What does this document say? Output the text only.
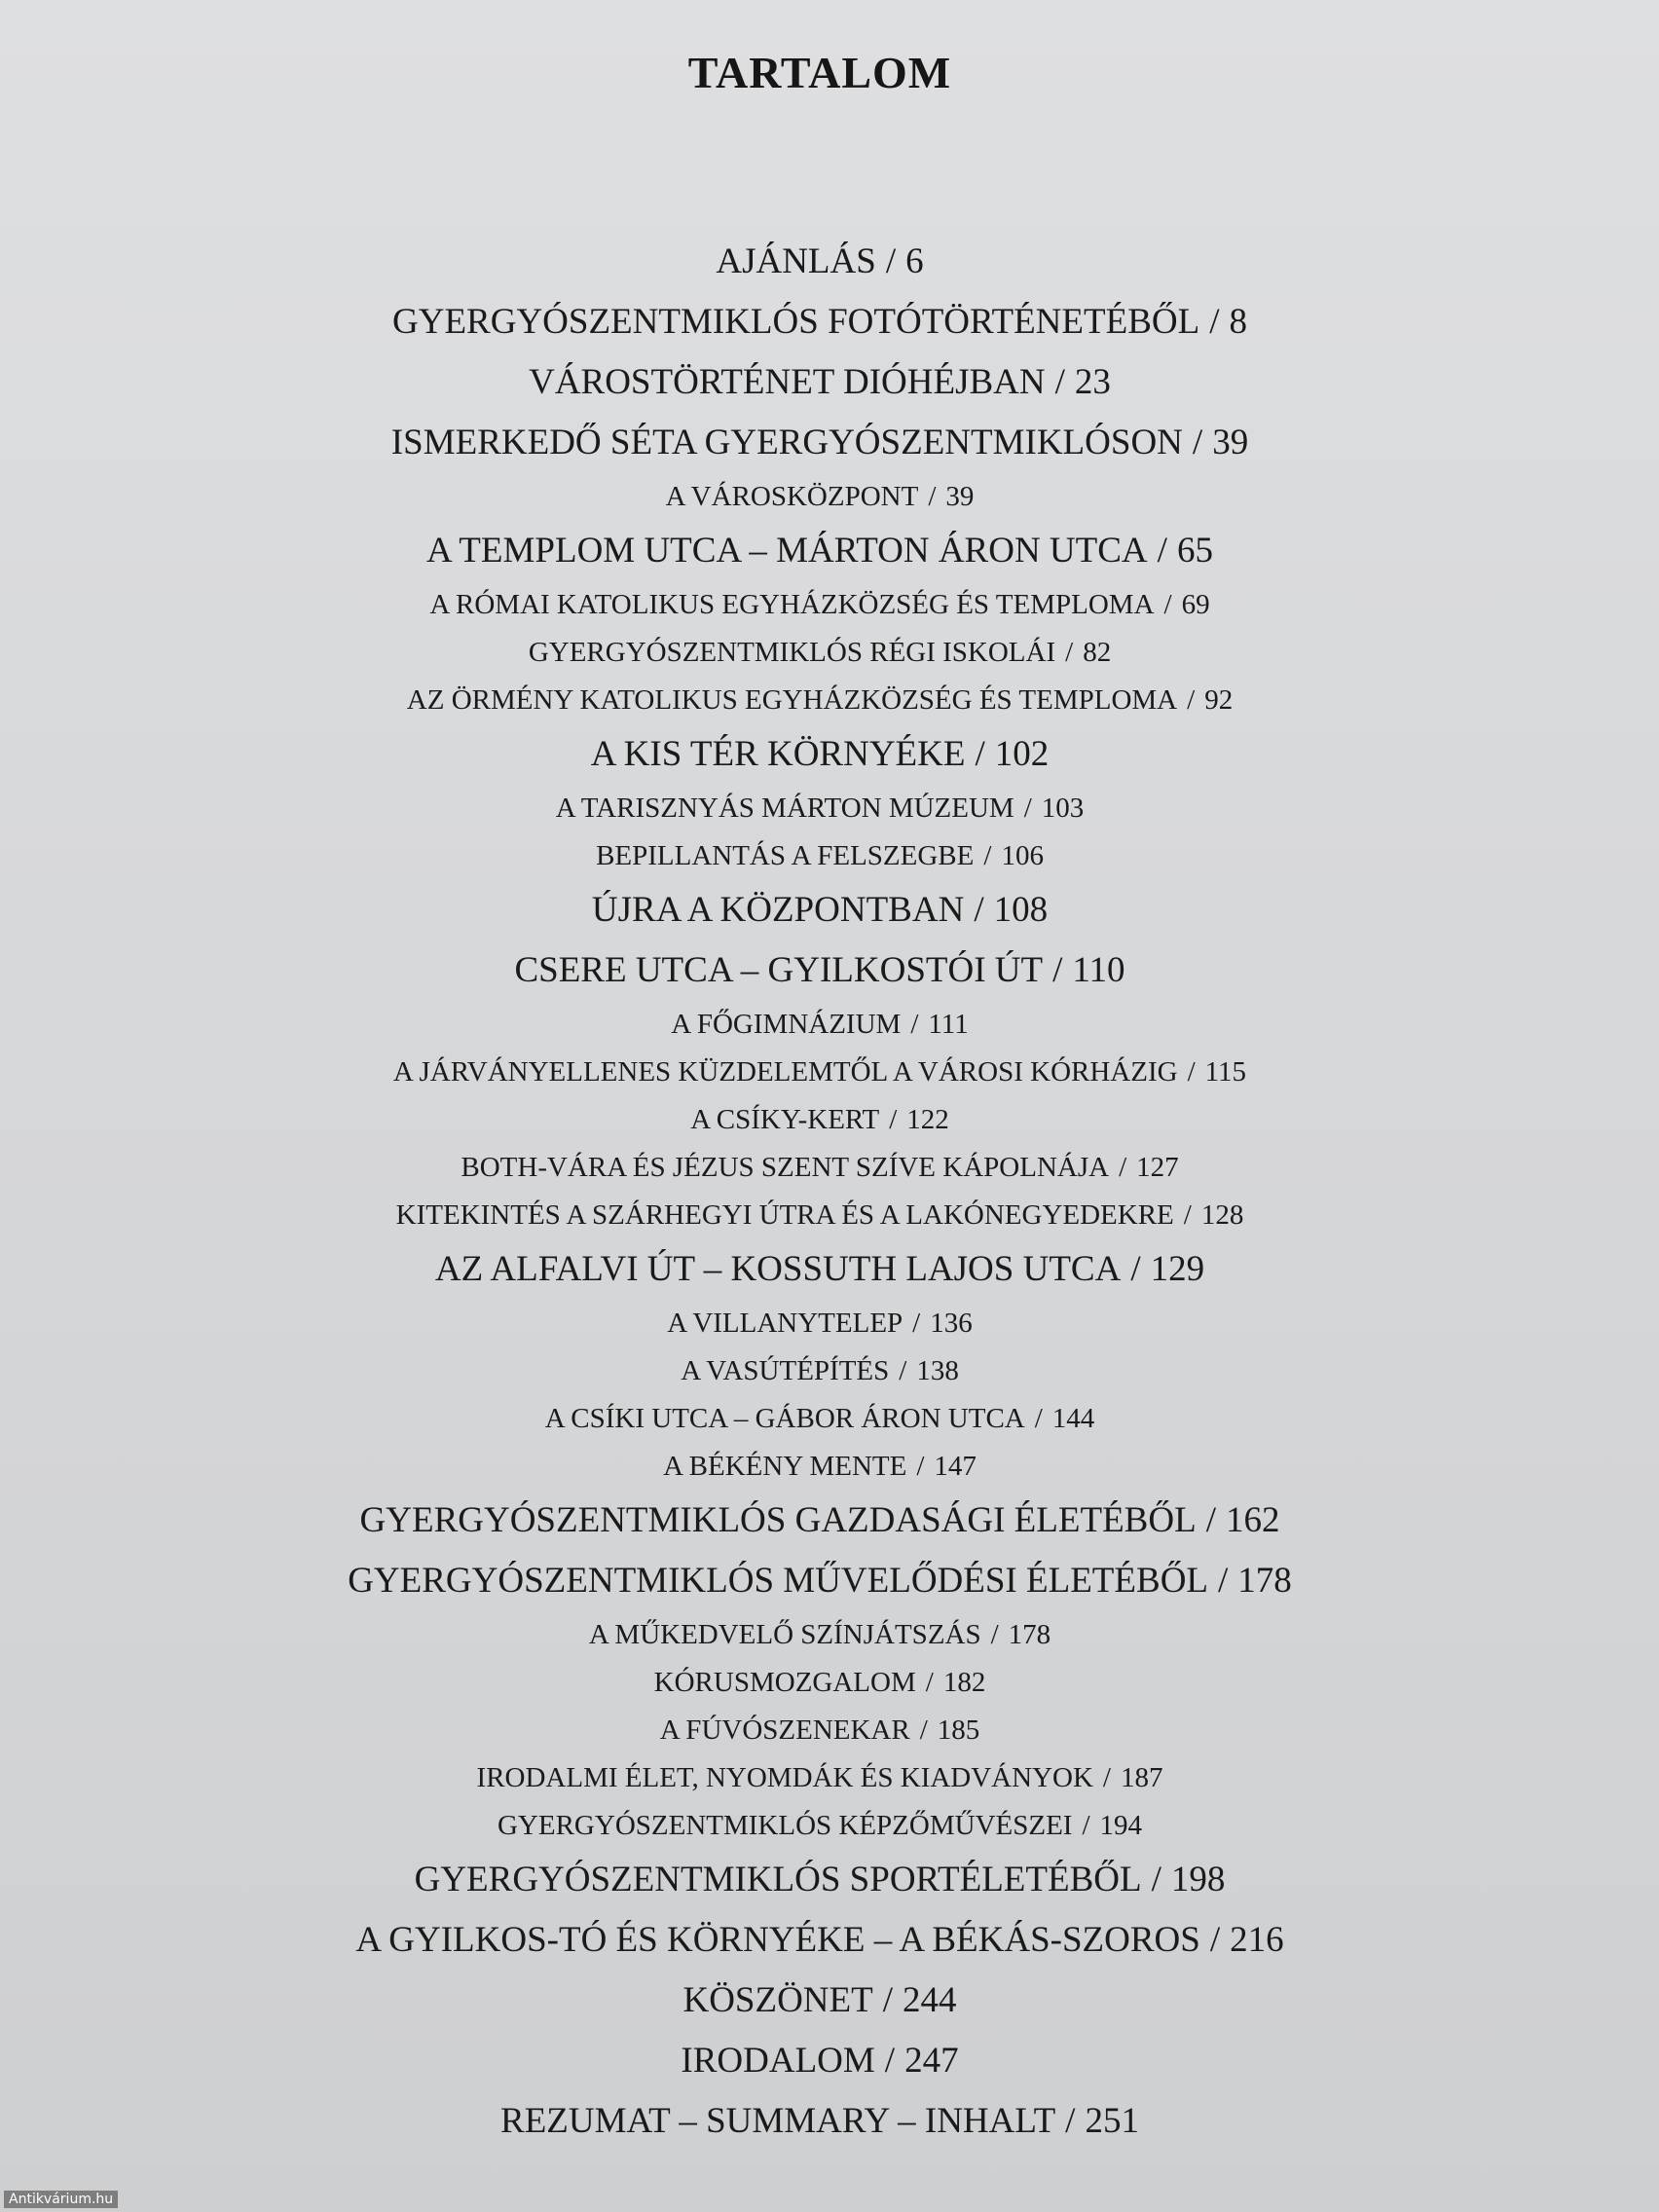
TARTALOM
AJÁNLÁS / 6
GYERGYÓSZENTMIKLÓS FOTÓTÖRTÉNETÉBŐL / 8
VÁROSTÖRTÉNET DIÓHÉJBAN / 23
ISMERKEDŐ SÉTA GYERGYÓSZENTMIKLÓSON / 39
A VÁROSKÖZPONT / 39
A TEMPLOM UTCA – MÁRTON ÁRON UTCA / 65
A RÓMAI KATOLIKUS EGYHÁZKÖZSÉG ÉS TEMPLOMA / 69
GYERGYÓSZENTMIKLÓS RÉGI ISKOLÁI / 82
AZ ÖRMÉNY KATOLIKUS EGYHÁZKÖZSÉG ÉS TEMPLOMA / 92
A KIS TÉR KÖRNYÉKE / 102
A TARISZNYÁS MÁRTON MÚZEUM / 103
BEPILLANTÁS A FELSZEGBE / 106
ÚJRA A KÖZPONTBAN / 108
CSERE UTCA – GYILKOSTÓI ÚT / 110
A FŐGIMNÁZIUM / 111
A JÁRVÁNYELLENES KÜZDELEMTŐL A VÁROSI KÓRHÁZIG / 115
A CSÍKY-KERT / 122
BOTH-VÁRA ÉS JÉZUS SZENT SZÍVE KÁPOLNÁJA / 127
KITEKINTÉS A SZÁRHEGYI ÚTRA ÉS A LAKÓNEGYEDEKRE / 128
AZ ALFALVI ÚT – KOSSUTH LAJOS UTCA / 129
A VILLANYTELEP / 136
A VASÚTÉPÍTÉS / 138
A CSÍKI UTCA – GÁBOR ÁRON UTCA / 144
A BÉKÉNY MENTE / 147
GYERGYÓSZENTMIKLÓS GAZDASÁGI ÉLETÉBŐL / 162
GYERGYÓSZENTMIKLÓS MŰVELŐDÉSI ÉLETÉBŐL / 178
A MŰKEDVELŐ SZÍNJÁTSZÁS / 178
KÓRUSMOZGALOM / 182
A FÚVÓSZENEKAR / 185
IRODALMI ÉLET, NYOMDÁK ÉS KIADVÁNYOK / 187
GYERGYÓSZENTMIKLÓS KÉPZŐMŰVÉSZEI / 194
GYERGYÓSZENTMIKLÓS SPORTÉLETÉBŐL / 198
A GYILKOS-TÓ ÉS KÖRNYÉKE – A BÉKÁS-SZOROS / 216
KÖSZÖNET / 244
IRODALOM / 247
REZUMAT – SUMMARY – INHALT / 251
Antikvárium.hu
